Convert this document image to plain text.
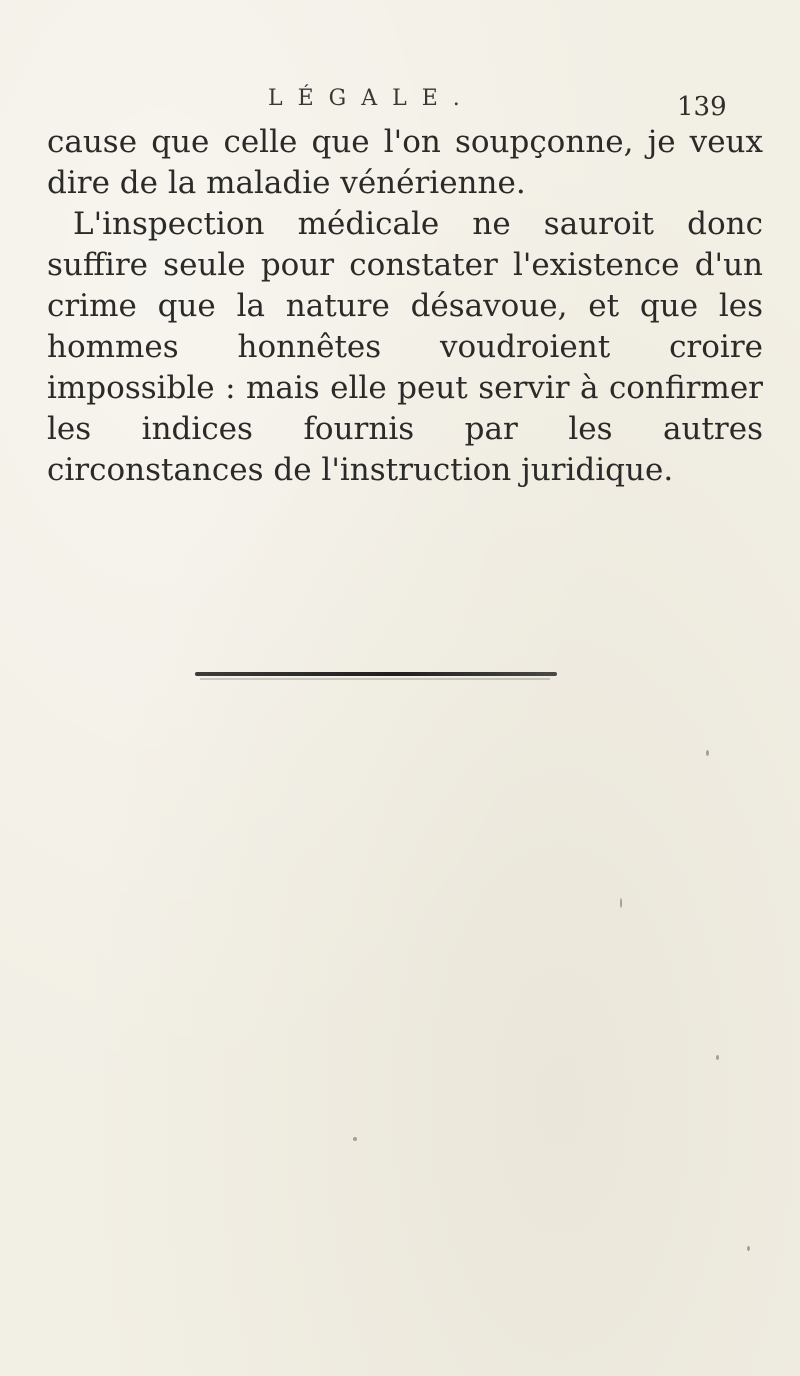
LÉGALE.	139

cause que celle que l'on soupçonne, je veux dire de la maladie vénérienne.

L'inspection médicale ne sauroit donc suffire seule pour constater l'existence d'un crime que la nature désavoue, et que les hommes honnêtes voudroient croire impossible : mais elle peut servir à confirmer les indices fournis par les autres circonstances de l'instruction juridique.
